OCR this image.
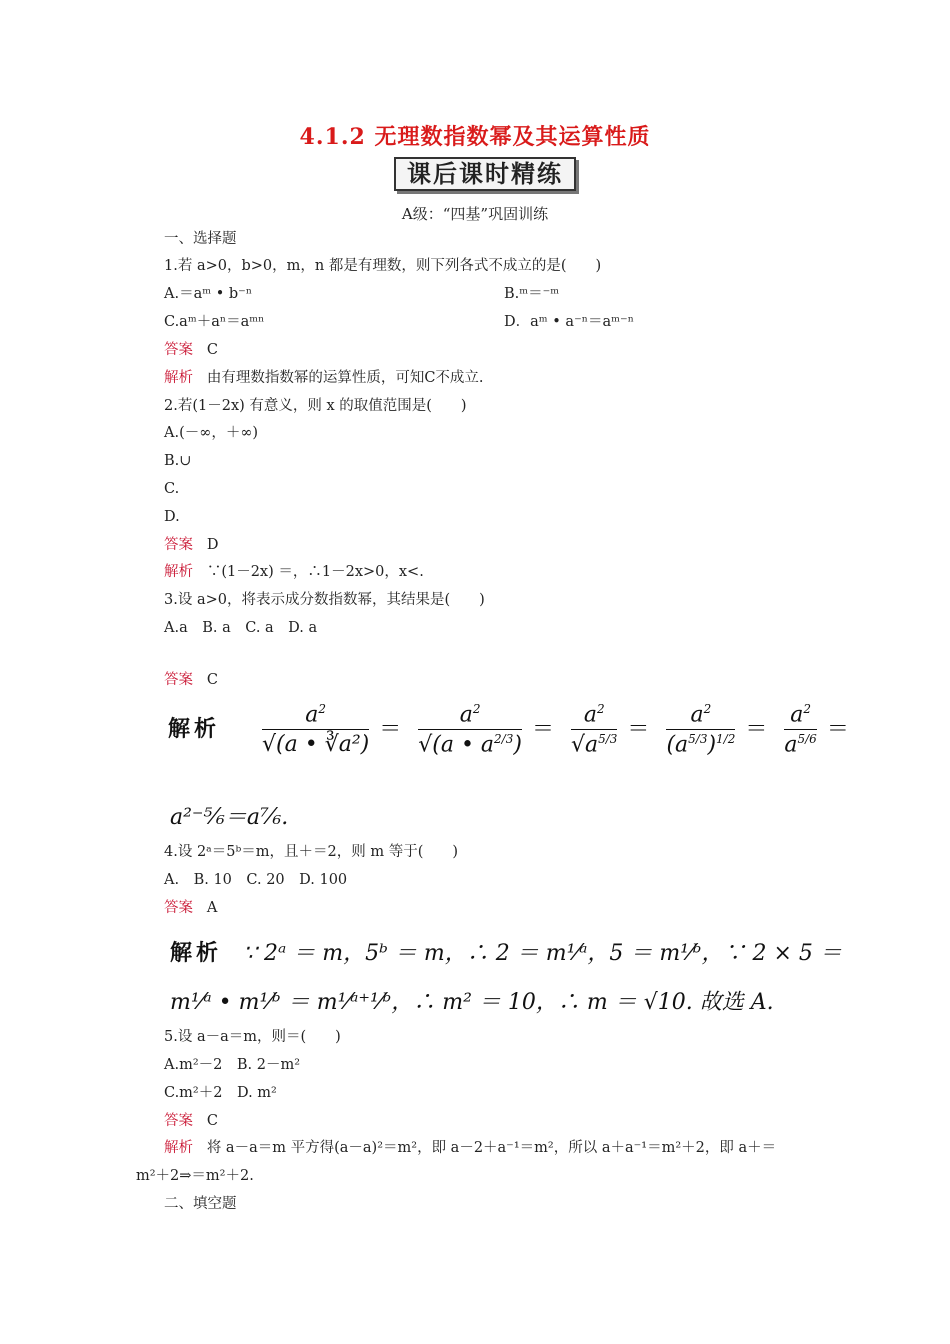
4.1.2 无理数指数幂及其运算性质
课后课时精练
A级：“四基”巩固训练
一、选择题
1.若 a>0，b>0，m，n 都是有理数，则下列各式不成立的是(　　)
A.＝aᵐ • b⁻ⁿ	B.ᵐ＝⁻ᵐ
C.aᵐ＋aⁿ＝aᵐⁿ	D．aᵐ • a⁻ⁿ＝aᵐ⁻ⁿ
答案 C
解析 由有理数指数幂的运算性质，可知C不成立.
2.若(1－2x) 有意义，则 x 的取值范围是(　　)
A.(－∞，＋∞)
B.∪
C.
D.
答案 D
解析 ∵(1－2x) ＝，∴1－2x>0，x<.
3.设 a>0，将表示成分数指数幂，其结果是(　　)
A.a　B. a　C. a　D. a
答案 C
解析 $\frac{a^2}{\text{√(a • ∛a²)}} = \frac{a^2}{√(a • a^{2/3})} = \frac{a^2}{√a^{5/3}} = \frac{a^2}{(a^{5/3})^{1/2}} = \frac{a^2}{a^{5/6}}$ ＝
a²⁻⁵⁄₆＝a⁷⁄₆.
4.设 2ᵃ＝5ᵇ＝m，且＋＝2，则 m 等于(　　)
A.　B. 10　C. 20　D. 100
答案 A
解析 ∵ 2ᵃ ＝ m，5ᵇ ＝ m，∴ 2 ＝ m¹⁄ᵃ，5 ＝ m¹⁄ᵇ，∵ 2 × 5 ＝
m¹⁄ᵃ • m¹⁄ᵇ ＝ m¹⁄ᵃ⁺¹⁄ᵇ，∴ m² ＝ 10，∴ m ＝ √10. 故选 A.
5.设 a－a＝m，则＝(　　)
A.m²－2　B. 2－m²
C.m²＋2　D. m²
答案 C
解析 将 a－a＝m 平方得(a－a)²＝m²，即 a－2＋a⁻¹＝m²，所以 a＋a⁻¹＝m²＋2，即 a＋＝
m²＋2⇒＝m²＋2.
二、填空题
